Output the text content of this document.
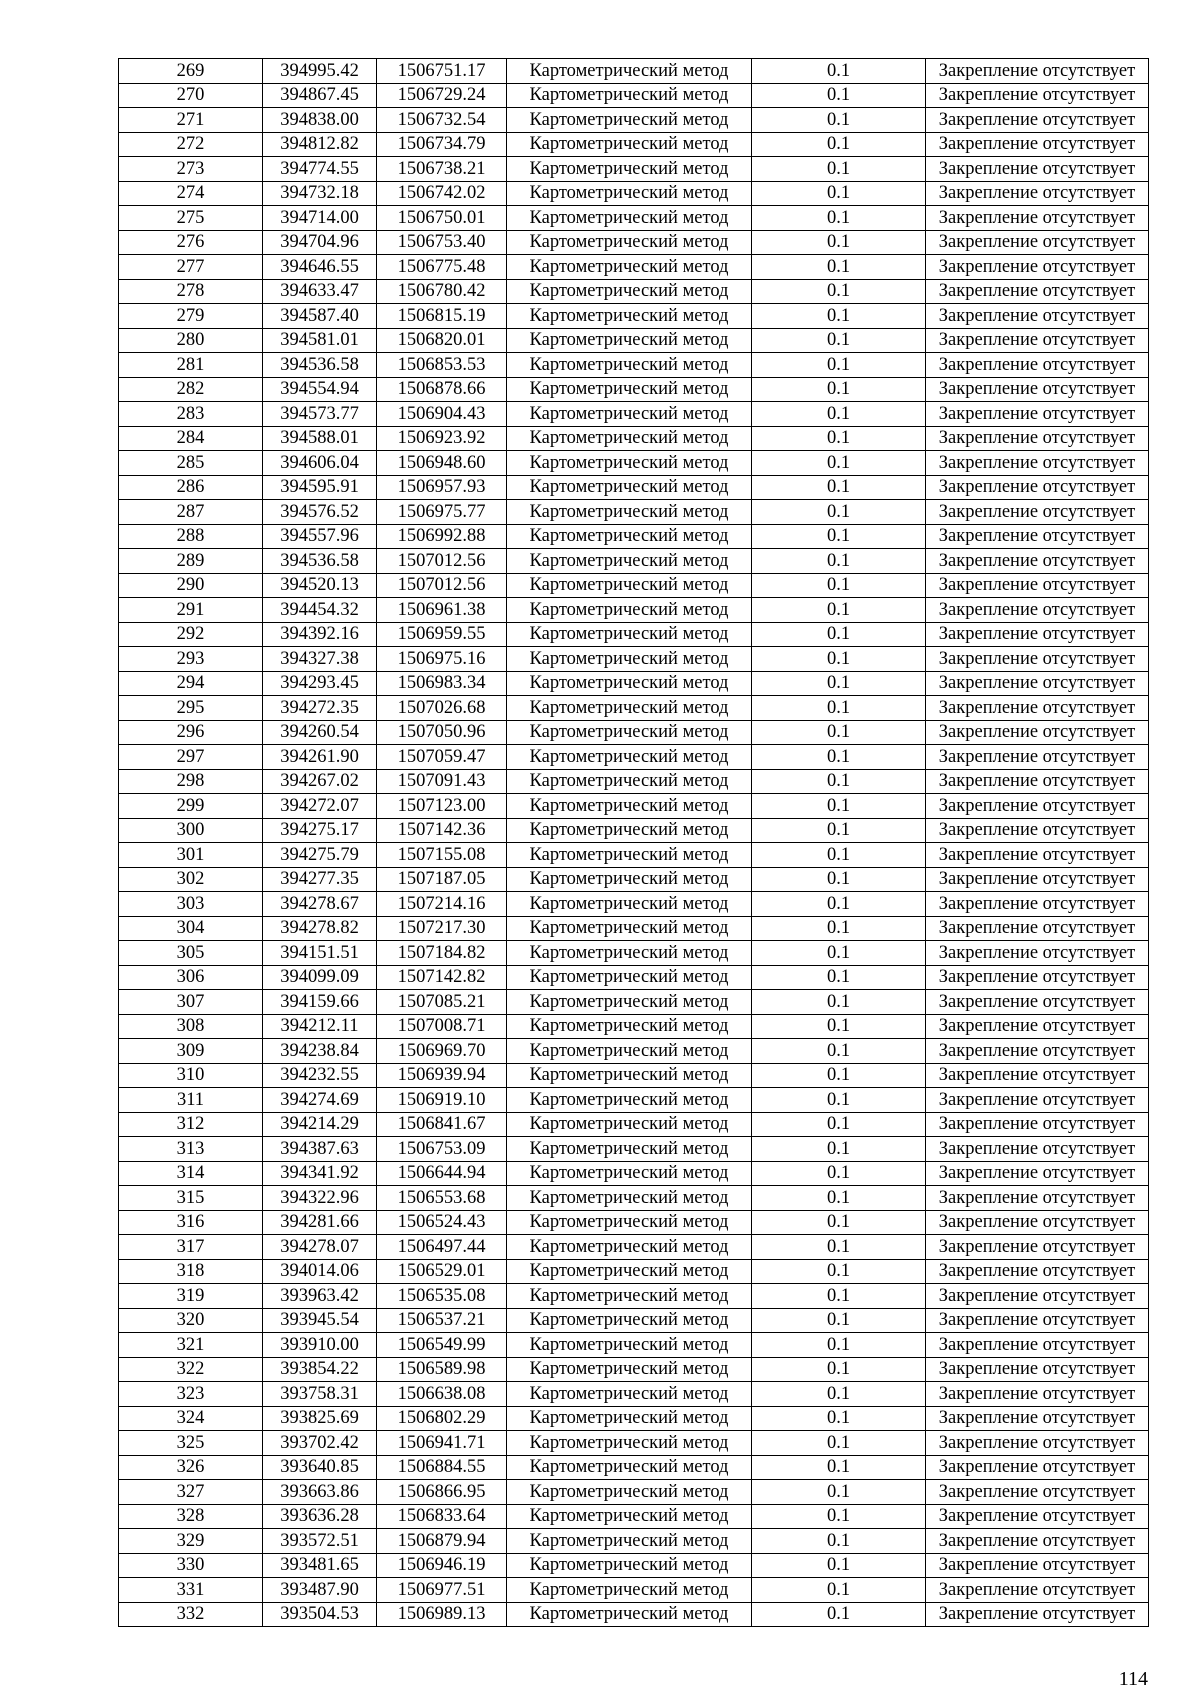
269	394995.42	1506751.17	Картометрический метод	0.1	Закрепление отсутствует
270	394867.45	1506729.24	Картометрический метод	0.1	Закрепление отсутствует
271	394838.00	1506732.54	Картометрический метод	0.1	Закрепление отсутствует
272	394812.82	1506734.79	Картометрический метод	0.1	Закрепление отсутствует
273	394774.55	1506738.21	Картометрический метод	0.1	Закрепление отсутствует
274	394732.18	1506742.02	Картометрический метод	0.1	Закрепление отсутствует
275	394714.00	1506750.01	Картометрический метод	0.1	Закрепление отсутствует
276	394704.96	1506753.40	Картометрический метод	0.1	Закрепление отсутствует
277	394646.55	1506775.48	Картометрический метод	0.1	Закрепление отсутствует
278	394633.47	1506780.42	Картометрический метод	0.1	Закрепление отсутствует
279	394587.40	1506815.19	Картометрический метод	0.1	Закрепление отсутствует
280	394581.01	1506820.01	Картометрический метод	0.1	Закрепление отсутствует
281	394536.58	1506853.53	Картометрический метод	0.1	Закрепление отсутствует
282	394554.94	1506878.66	Картометрический метод	0.1	Закрепление отсутствует
283	394573.77	1506904.43	Картометрический метод	0.1	Закрепление отсутствует
284	394588.01	1506923.92	Картометрический метод	0.1	Закрепление отсутствует
285	394606.04	1506948.60	Картометрический метод	0.1	Закрепление отсутствует
286	394595.91	1506957.93	Картометрический метод	0.1	Закрепление отсутствует
287	394576.52	1506975.77	Картометрический метод	0.1	Закрепление отсутствует
288	394557.96	1506992.88	Картометрический метод	0.1	Закрепление отсутствует
289	394536.58	1507012.56	Картометрический метод	0.1	Закрепление отсутствует
290	394520.13	1507012.56	Картометрический метод	0.1	Закрепление отсутствует
291	394454.32	1506961.38	Картометрический метод	0.1	Закрепление отсутствует
292	394392.16	1506959.55	Картометрический метод	0.1	Закрепление отсутствует
293	394327.38	1506975.16	Картометрический метод	0.1	Закрепление отсутствует
294	394293.45	1506983.34	Картометрический метод	0.1	Закрепление отсутствует
295	394272.35	1507026.68	Картометрический метод	0.1	Закрепление отсутствует
296	394260.54	1507050.96	Картометрический метод	0.1	Закрепление отсутствует
297	394261.90	1507059.47	Картометрический метод	0.1	Закрепление отсутствует
298	394267.02	1507091.43	Картометрический метод	0.1	Закрепление отсутствует
299	394272.07	1507123.00	Картометрический метод	0.1	Закрепление отсутствует
300	394275.17	1507142.36	Картометрический метод	0.1	Закрепление отсутствует
301	394275.79	1507155.08	Картометрический метод	0.1	Закрепление отсутствует
302	394277.35	1507187.05	Картометрический метод	0.1	Закрепление отсутствует
303	394278.67	1507214.16	Картометрический метод	0.1	Закрепление отсутствует
304	394278.82	1507217.30	Картометрический метод	0.1	Закрепление отсутствует
305	394151.51	1507184.82	Картометрический метод	0.1	Закрепление отсутствует
306	394099.09	1507142.82	Картометрический метод	0.1	Закрепление отсутствует
307	394159.66	1507085.21	Картометрический метод	0.1	Закрепление отсутствует
308	394212.11	1507008.71	Картометрический метод	0.1	Закрепление отсутствует
309	394238.84	1506969.70	Картометрический метод	0.1	Закрепление отсутствует
310	394232.55	1506939.94	Картометрический метод	0.1	Закрепление отсутствует
311	394274.69	1506919.10	Картометрический метод	0.1	Закрепление отсутствует
312	394214.29	1506841.67	Картометрический метод	0.1	Закрепление отсутствует
313	394387.63	1506753.09	Картометрический метод	0.1	Закрепление отсутствует
314	394341.92	1506644.94	Картометрический метод	0.1	Закрепление отсутствует
315	394322.96	1506553.68	Картометрический метод	0.1	Закрепление отсутствует
316	394281.66	1506524.43	Картометрический метод	0.1	Закрепление отсутствует
317	394278.07	1506497.44	Картометрический метод	0.1	Закрепление отсутствует
318	394014.06	1506529.01	Картометрический метод	0.1	Закрепление отсутствует
319	393963.42	1506535.08	Картометрический метод	0.1	Закрепление отсутствует
320	393945.54	1506537.21	Картометрический метод	0.1	Закрепление отсутствует
321	393910.00	1506549.99	Картометрический метод	0.1	Закрепление отсутствует
322	393854.22	1506589.98	Картометрический метод	0.1	Закрепление отсутствует
323	393758.31	1506638.08	Картометрический метод	0.1	Закрепление отсутствует
324	393825.69	1506802.29	Картометрический метод	0.1	Закрепление отсутствует
325	393702.42	1506941.71	Картометрический метод	0.1	Закрепление отсутствует
326	393640.85	1506884.55	Картометрический метод	0.1	Закрепление отсутствует
327	393663.86	1506866.95	Картометрический метод	0.1	Закрепление отсутствует
328	393636.28	1506833.64	Картометрический метод	0.1	Закрепление отсутствует
329	393572.51	1506879.94	Картометрический метод	0.1	Закрепление отсутствует
330	393481.65	1506946.19	Картометрический метод	0.1	Закрепление отсутствует
331	393487.90	1506977.51	Картометрический метод	0.1	Закрепление отсутствует
332	393504.53	1506989.13	Картометрический метод	0.1	Закрепление отсутствует
114
